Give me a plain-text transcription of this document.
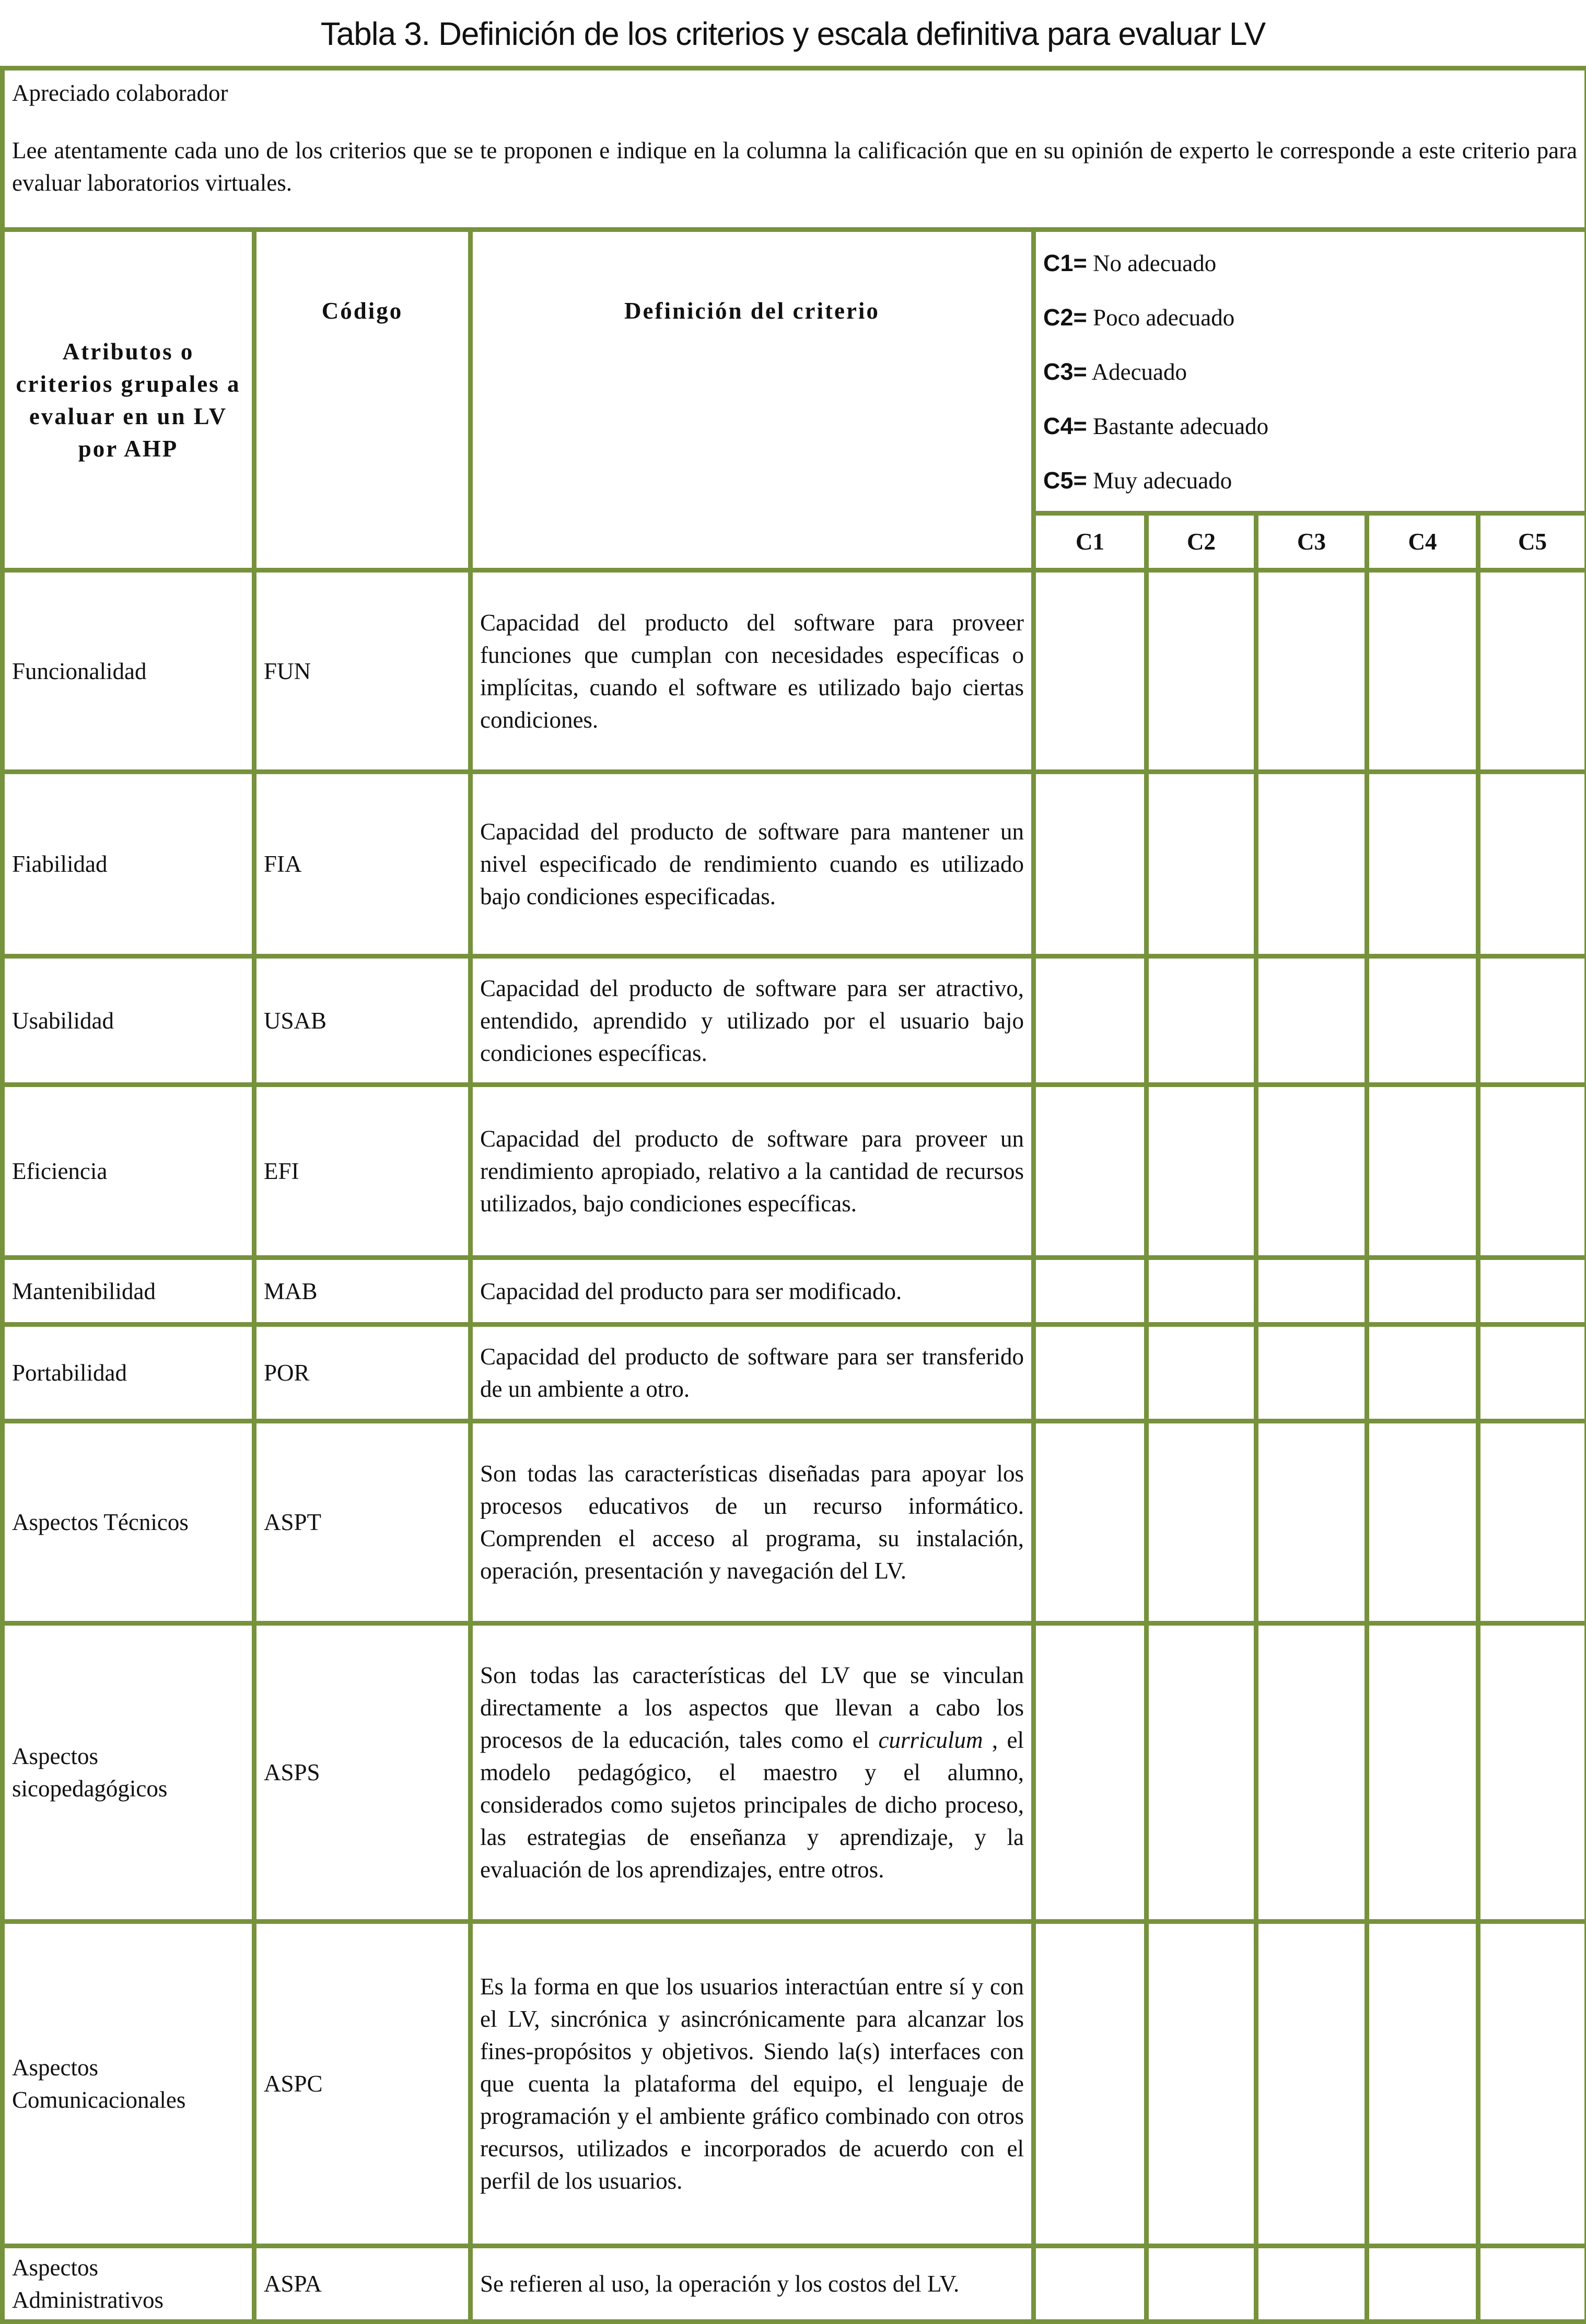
Tabla 3. Definición de los criterios y escala definitiva para evaluar LV

Apreciado colaborador

Lee atentamente cada uno de los criterios que se te proponen e indique en la columna la calificación que en su opinión de experto le corresponde a este criterio para evaluar laboratorios virtuales.							

Atributos o criterios grupales a evaluar en un LV por AHP	Código	Definición del criterio	C1= No adecuado
C2= Poco adecuado
C3= Adecuado
C4= Bastante adecuado
C5= Muy adecuado				

			C1	C2	C3	C4	C5
Funcionalidad	FUN	Capacidad del producto del software para proveer funciones que cumplan con necesidades específicas o implícitas, cuando el software es utilizado bajo ciertas condiciones.					
Fiabilidad	FIA	Capacidad del producto de software para mantener un nivel especificado de rendimiento cuando es utilizado bajo condiciones especificadas.					
Usabilidad	USAB	Capacidad del producto de software para ser atractivo, entendido, aprendido y utilizado por el usuario bajo condiciones específicas.					
Eficiencia	EFI	Capacidad del producto de software para proveer un rendimiento apropiado, relativo a la cantidad de recursos utilizados, bajo condiciones específicas.					
Mantenibilidad	MAB	Capacidad del producto para ser modificado.					
Portabilidad	POR	Capacidad del producto de software para ser transferido de un ambiente a otro.					
Aspectos Técnicos	ASPT	Son todas las características diseñadas para apoyar los procesos educativos de un recurso informático. Comprenden el acceso al programa, su instalación, operación, presentación y navegación del LV.					
Aspectos sicopedagógicos	ASPS	Son todas las características del LV que se vinculan directamente a los aspectos que llevan a cabo los procesos de la educación, tales como el curriculum , el modelo pedagógico, el maestro y el alumno, considerados como sujetos principales de dicho proceso, las estrategias de enseñanza y aprendizaje, y la evaluación de los aprendizajes, entre otros.					
Aspectos Comunicacionales	ASPC	Es la forma en que los usuarios interactúan entre sí y con el LV, sincrónica y asincrónicamente para alcanzar los fines-propósitos y objetivos. Siendo la(s) interfaces con que cuenta la plataforma del equipo, el lenguaje de programación y el ambiente gráfico combinado con otros recursos, utilizados e incorporados de acuerdo con el perfil de los usuarios.					
Aspectos Administrativos	ASPA	Se refieren al uso, la operación y los costos del LV.					
